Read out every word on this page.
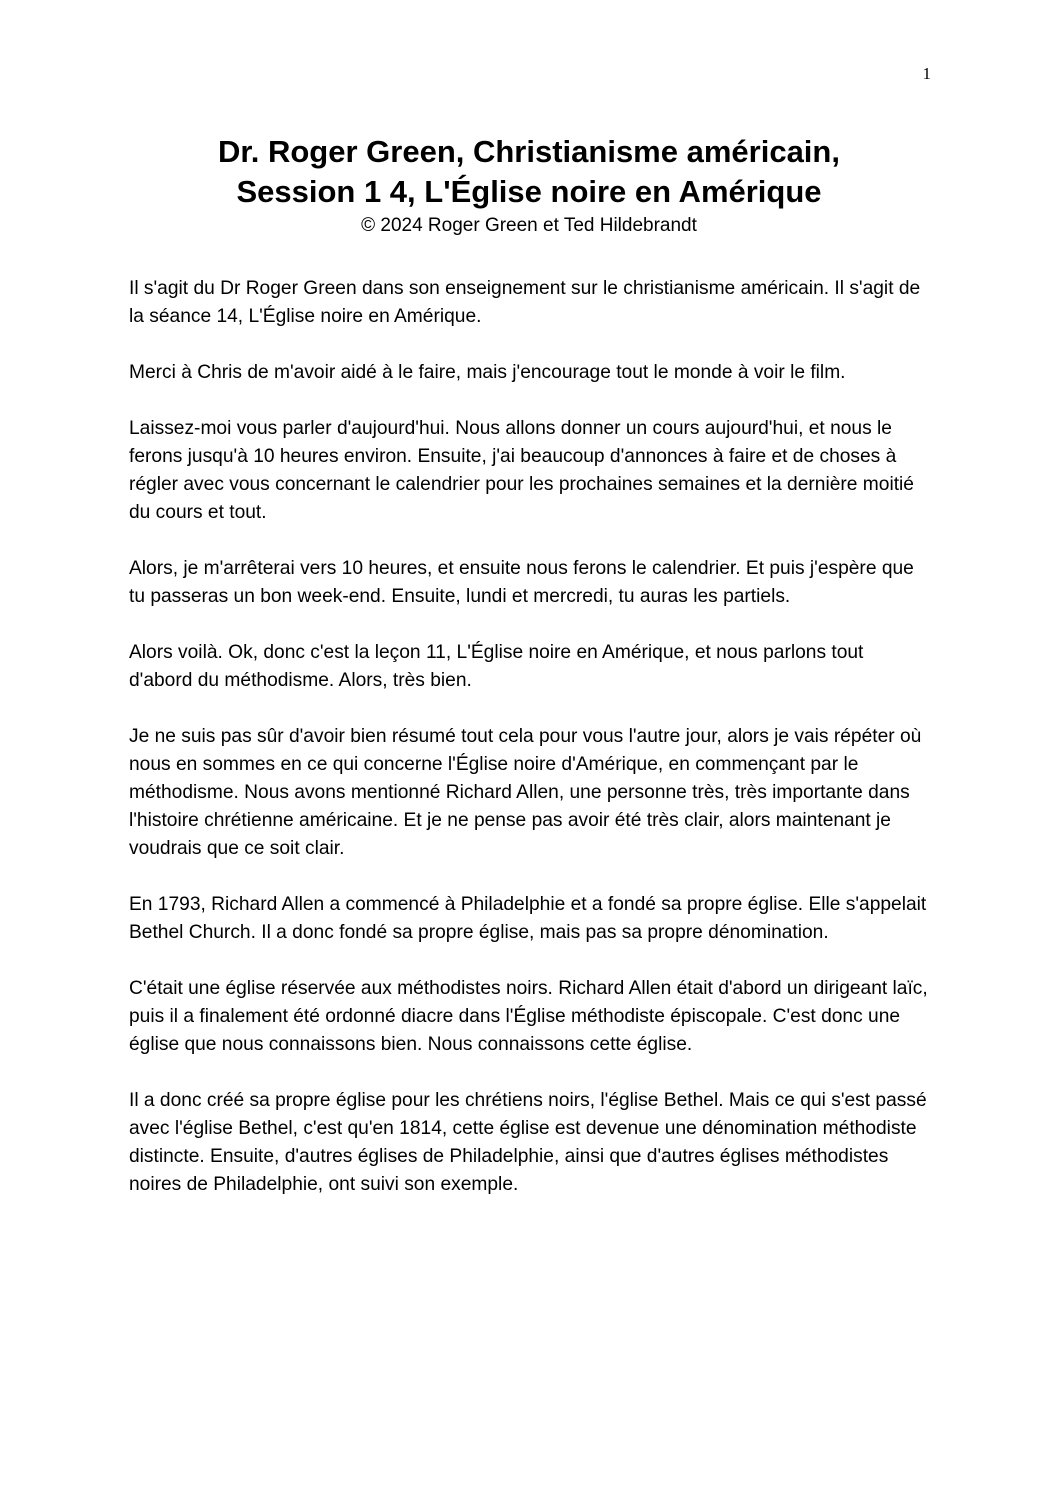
1
Dr. Roger Green, Christianisme américain,
Session 1 4, L'Église noire en Amérique
© 2024 Roger Green et Ted Hildebrandt

Il s'agit du Dr Roger Green dans son enseignement sur le christianisme américain. Il s'agit de la séance 14, L'Église noire en Amérique.

Merci à Chris de m'avoir aidé à le faire, mais j'encourage tout le monde à voir le film.

Laissez-moi vous parler d'aujourd'hui. Nous allons donner un cours aujourd'hui, et nous le ferons jusqu'à 10 heures environ. Ensuite, j'ai beaucoup d'annonces à faire et de choses à régler avec vous concernant le calendrier pour les prochaines semaines et la dernière moitié du cours et tout.

Alors, je m'arrêterai vers 10 heures, et ensuite nous ferons le calendrier. Et puis j'espère que tu passeras un bon week-end. Ensuite, lundi et mercredi, tu auras les partiels.

Alors voilà. Ok, donc c'est la leçon 11, L'Église noire en Amérique, et nous parlons tout d'abord du méthodisme. Alors, très bien.

Je ne suis pas sûr d'avoir bien résumé tout cela pour vous l'autre jour, alors je vais répéter où nous en sommes en ce qui concerne l'Église noire d'Amérique, en commençant par le méthodisme. Nous avons mentionné Richard Allen, une personne très, très importante dans l'histoire chrétienne américaine. Et je ne pense pas avoir été très clair, alors maintenant je voudrais que ce soit clair.

En 1793, Richard Allen a commencé à Philadelphie et a fondé sa propre église. Elle s'appelait Bethel Church. Il a donc fondé sa propre église, mais pas sa propre dénomination.

C'était une église réservée aux méthodistes noirs. Richard Allen était d'abord un dirigeant laïc, puis il a finalement été ordonné diacre dans l'Église méthodiste épiscopale. C'est donc une église que nous connaissons bien. Nous connaissons cette église.

Il a donc créé sa propre église pour les chrétiens noirs, l'église Bethel. Mais ce qui s'est passé avec l'église Bethel, c'est qu'en 1814, cette église est devenue une dénomination méthodiste distincte. Ensuite, d'autres églises de Philadelphie, ainsi que d'autres églises méthodistes noires de Philadelphie, ont suivi son exemple.
